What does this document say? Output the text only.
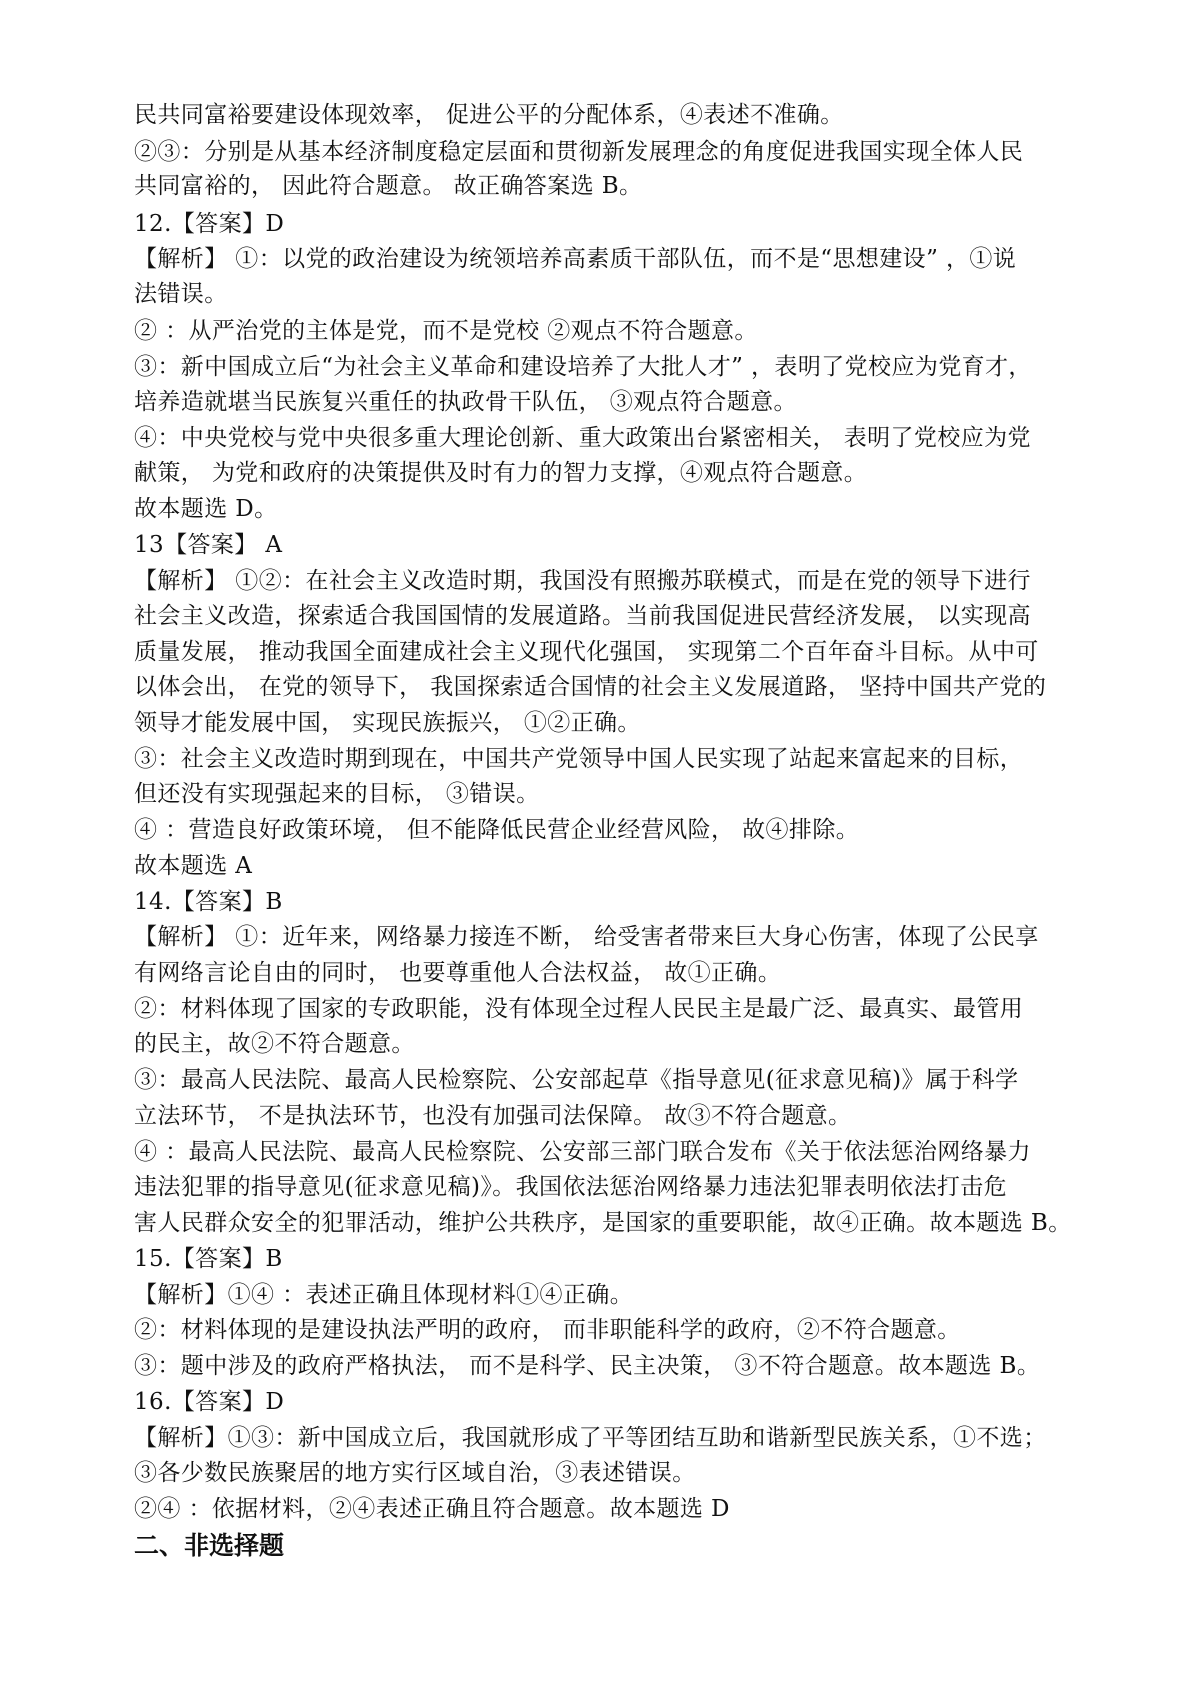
民共同富裕要建设体现效率， 促进公平的分配体系，④表述不准确。
②③：分别是从基本经济制度稳定层面和贯彻新发展理念的角度促进我国实现全体人民
共同富裕的， 因此符合题意。 故正确答案选 B。
12.【答案】D
【解析】 ①：以党的政治建设为统领培养高素质干部队伍，而不是“思想建设” ，①说
法错误。
② ：从严治党的主体是党，而不是党校 ②观点不符合题意。
③：新中国成立后“为社会主义革命和建设培养了大批人才” ，表明了党校应为党育才，
培养造就堪当民族复兴重任的执政骨干队伍， ③观点符合题意。
④：中央党校与党中央很多重大理论创新、重大政策出台紧密相关， 表明了党校应为党
献策， 为党和政府的决策提供及时有力的智力支撑，④观点符合题意。
故本题选 D。
13【答案】 A
【解析】 ①②：在社会主义改造时期，我国没有照搬苏联模式，而是在党的领导下进行
社会主义改造，探索适合我国国情的发展道路。当前我国促进民营经济发展， 以实现高
质量发展， 推动我国全面建成社会主义现代化强国， 实现第二个百年奋斗目标。从中可
以体会出， 在党的领导下， 我国探索适合国情的社会主义发展道路， 坚持中国共产党的
领导才能发展中国， 实现民族振兴， ①②正确。
③：社会主义改造时期到现在，中国共产党领导中国人民实现了站起来富起来的目标，
但还没有实现强起来的目标， ③错误。
④ ：营造良好政策环境， 但不能降低民营企业经营风险， 故④排除。
故本题选 A
14.【答案】B
【解析】 ①：近年来，网络暴力接连不断， 给受害者带来巨大身心伤害，体现了公民享
有网络言论自由的同时， 也要尊重他人合法权益， 故①正确。
②：材料体现了国家的专政职能，没有体现全过程人民民主是最广泛、最真实、最管用
的民主，故②不符合题意。
③：最高人民法院、最高人民检察院、公安部起草《指导意见(征求意见稿)》属于科学
立法环节， 不是执法环节，也没有加强司法保障。 故③不符合题意。
④ ：最高人民法院、最高人民检察院、公安部三部门联合发布《关于依法惩治网络暴力
违法犯罪的指导意见(征求意见稿)》。我国依法惩治网络暴力违法犯罪表明依法打击危
害人民群众安全的犯罪活动，维护公共秩序，是国家的重要职能，故④正确。故本题选 B。
15.【答案】B
【解析】①④ ：表述正确且体现材料①④正确。
②：材料体现的是建设执法严明的政府， 而非职能科学的政府，②不符合题意。
③：题中涉及的政府严格执法， 而不是科学、民主决策， ③不符合题意。故本题选 B。
16.【答案】D
【解析】①③：新中国成立后，我国就形成了平等团结互助和谐新型民族关系，①不选；
③各少数民族聚居的地方实行区域自治，③表述错误。
②④ ：依据材料，②④表述正确且符合题意。故本题选 D
二、非选择题
